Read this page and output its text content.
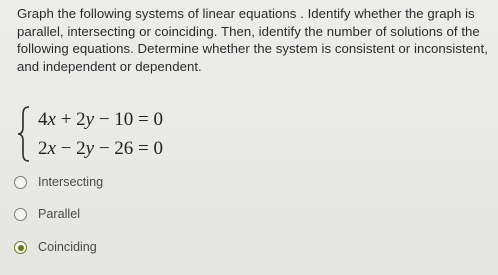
Graph the following systems of linear equations . Identify whether the graph is
parallel, intersecting or coinciding. Then, identify the number of solutions of the
following equations. Determine whether the system is consistent or inconsistent,
and independent or dependent.
4x + 2y − 10 = 0
2x − 2y − 26 = 0
Intersecting
Parallel
Coinciding
